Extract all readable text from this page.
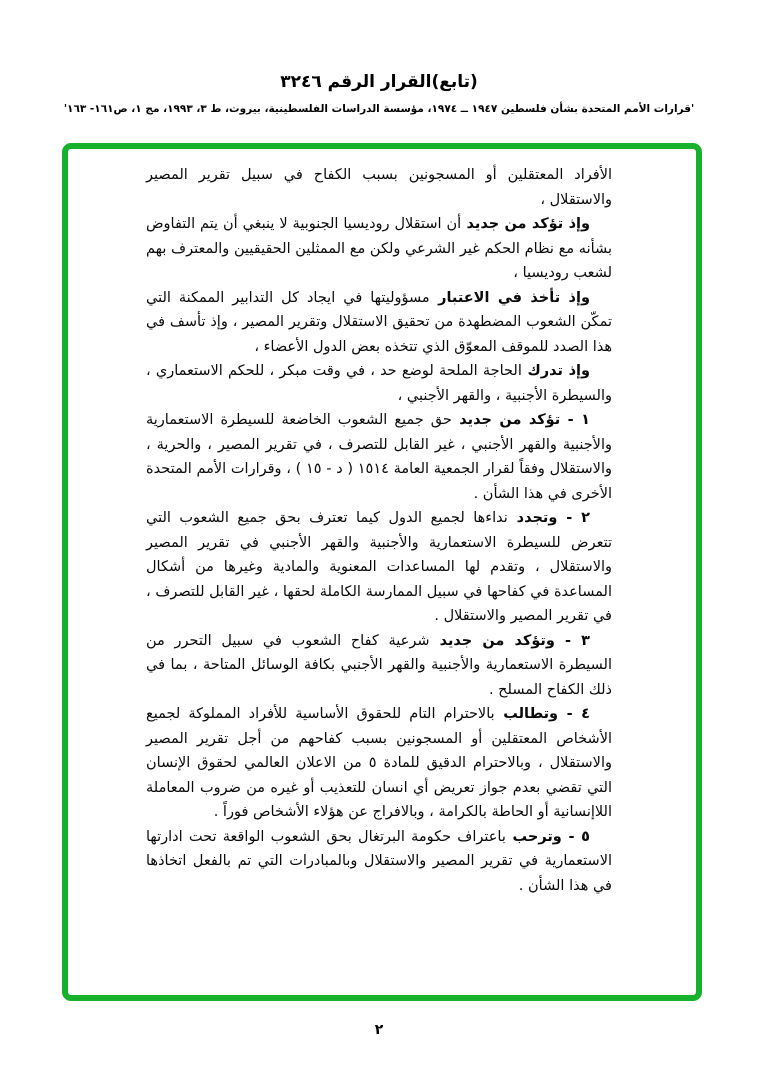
(تابع)القرار الرقم ٣٢٤٦
'قرارات الأمم المتحدة بشأن فلسطين ١٩٤٧ ــ ١٩٧٤، مؤسسة الدراسات الفلسطينية، بيروت، ط ٣، ١٩٩٣، مج ١، ص١٦١- ١٦٣'
الأفراد المعتقلين أو المسجونين بسبب الكفاح في سبيل تقرير المصير والاستقلال ،
وإذ تؤكد من جديد أن استقلال روديسيا الجنوبية لا ينبغي أن يتم التفاوض بشأنه مع نظام الحكم غير الشرعي ولكن مع الممثلين الحقيقيين والمعترف بهم لشعب روديسيا ،
وإذ تأخذ في الاعتبار مسؤوليتها في ايجاد كل التدابير الممكنة التي تمكّن الشعوب المضطهدة من تحقيق الاستقلال وتقرير المصير ، وإذ تأسف في هذا الصدد للموقف المعوّق الذي تتخذه بعض الدول الأعضاء ،
وإذ تدرك الحاجة الملحة لوضع حد ، في وقت مبكر ، للحكم الاستعماري ، والسيطرة الأجنبية ، والقهر الأجنبي ،
١ - تؤكد من جديد حق جميع الشعوب الخاضعة للسيطرة الاستعمارية والأجنبية والقهر الأجنبي ، غير القابل للتصرف ، في تقرير المصير ، والحرية ، والاستقلال وفقاً لقرار الجمعية العامة ١٥١٤ ( د - ١٥ ) ، وقرارات الأمم المتحدة الأخرى في هذا الشأن .
٢ - وتجدد نداءها لجميع الدول كيما تعترف بحق جميع الشعوب التي تتعرض للسيطرة الاستعمارية والأجنبية والقهر الأجنبي في تقرير المصير والاستقلال ، وتقدم لها المساعدات المعنوية والمادية وغيرها من أشكال المساعدة في كفاحها في سبيل الممارسة الكاملة لحقها ، غير القابل للتصرف ، في تقرير المصير والاستقلال .
٣ - وتؤكد من جديد شرعية كفاح الشعوب في سبيل التحرر من السيطرة الاستعمارية والأجنبية والقهر الأجنبي بكافة الوسائل المتاحة ، بما في ذلك الكفاح المسلح .
٤ - وتطالب بالاحترام التام للحقوق الأساسية للأفراد المملوكة لجميع الأشخاص المعتقلين أو المسجونين بسبب كفاحهم من أجل تقرير المصير والاستقلال ، وبالاحترام الدقيق للمادة ٥ من الاعلان العالمي لحقوق الإنسان التي تقضي بعدم جواز تعريض أي انسان للتعذيب أو غيره من ضروب المعاملة اللاإنسانية أو الحاطة بالكرامة ، وبالافراج عن هؤلاء الأشخاص فوراً .
٥ - وترحب باعتراف حكومة البرتغال بحق الشعوب الواقعة تحت ادارتها الاستعمارية في تقرير المصير والاستقلال وبالمبادرات التي تم بالفعل اتخاذها في هذا الشأن .
٢
